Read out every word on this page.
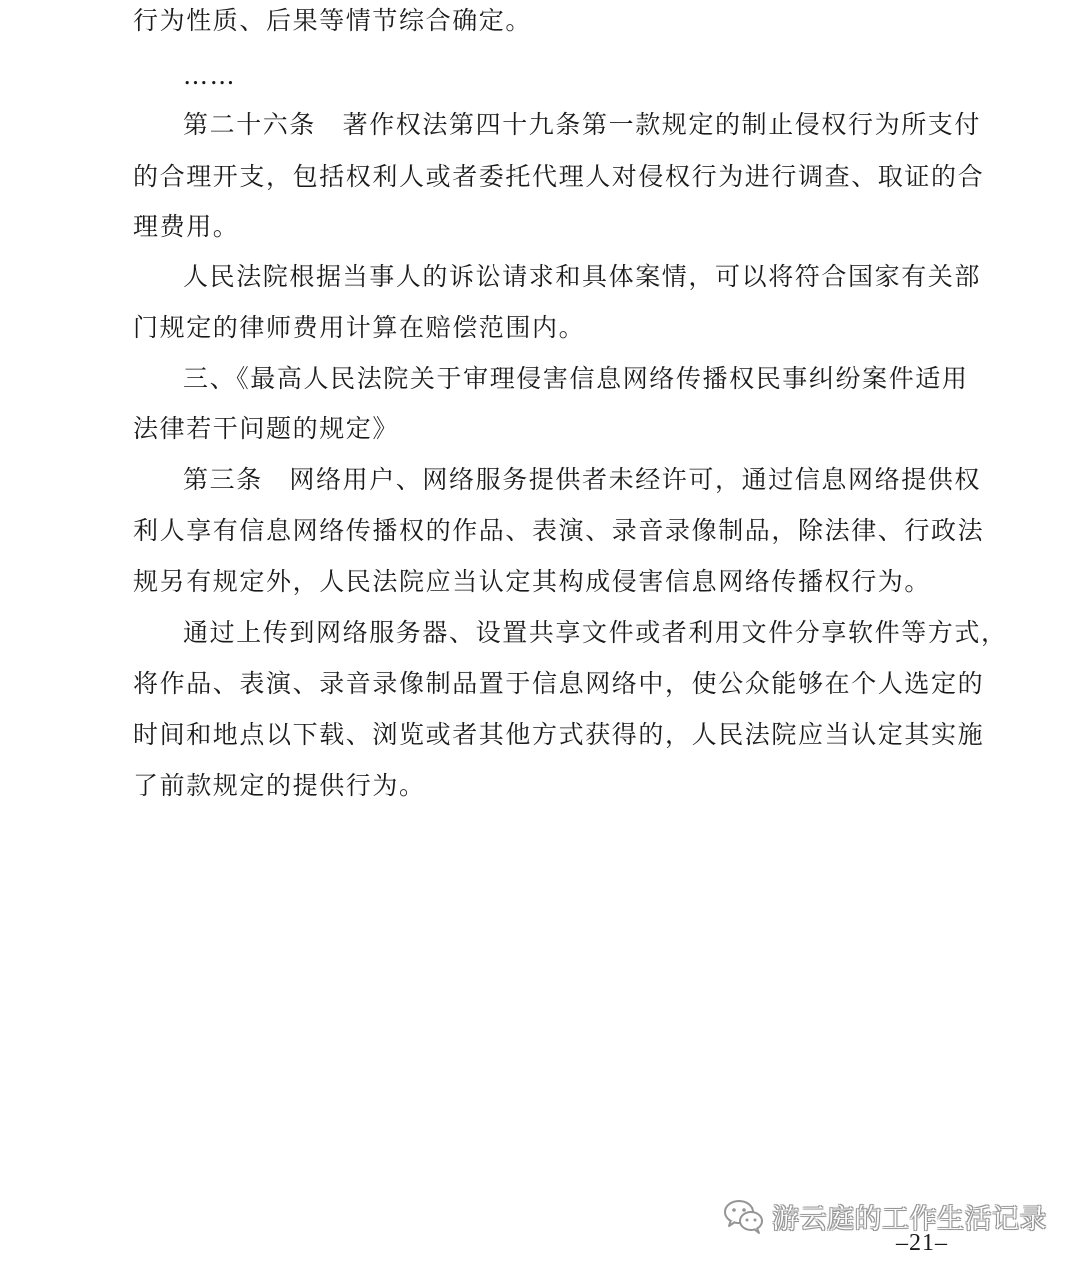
行为性质、后果等情节综合确定。
……
第二十六条　著作权法第四十九条第一款规定的制止侵权行为所支付
的合理开支，包括权利人或者委托代理人对侵权行为进行调查、取证的合
理费用。
人民法院根据当事人的诉讼请求和具体案情，可以将符合国家有关部
门规定的律师费用计算在赔偿范围内。
三、《最高人民法院关于审理侵害信息网络传播权民事纠纷案件适用
法律若干问题的规定》
第三条　网络用户、网络服务提供者未经许可，通过信息网络提供权
利人享有信息网络传播权的作品、表演、录音录像制品，除法律、行政法
规另有规定外，人民法院应当认定其构成侵害信息网络传播权行为。
通过上传到网络服务器、设置共享文件或者利用文件分享软件等方式，
将作品、表演、录音录像制品置于信息网络中，使公众能够在个人选定的
时间和地点以下载、浏览或者其他方式获得的，人民法院应当认定其实施
了前款规定的提供行为。
游云庭的工作生活记录
–21–
